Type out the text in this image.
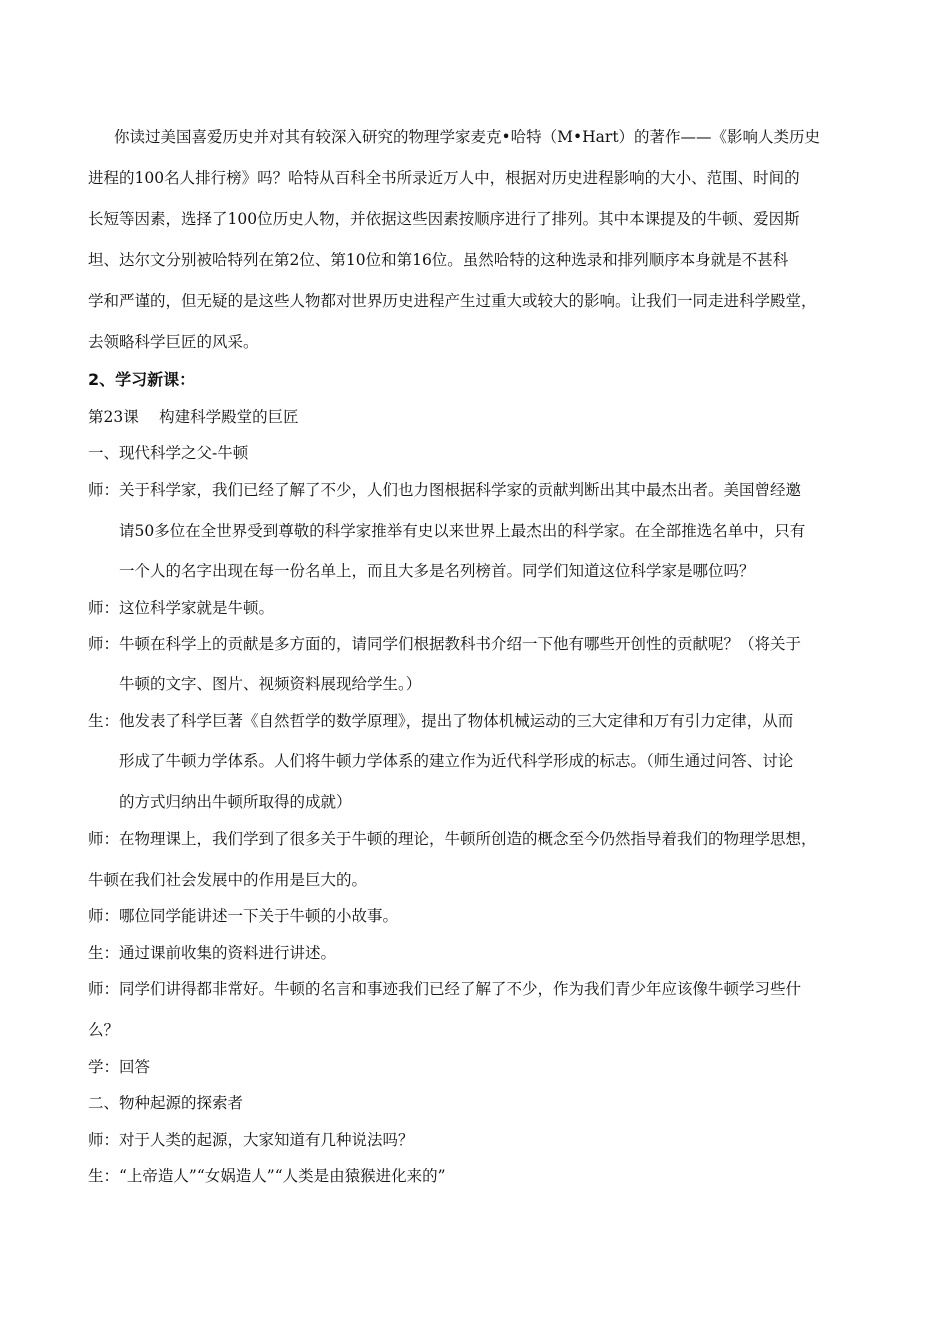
你读过美国喜爱历史并对其有较深入研究的物理学家麦克•哈特（M•Hart）的著作——《影响人类历史
进程的100名人排行榜》吗？哈特从百科全书所录近万人中，根据对历史进程影响的大小、范围、时间的
长短等因素，选择了100位历史人物，并依据这些因素按顺序进行了排列。其中本课提及的牛顿、爱因斯
坦、达尔文分别被哈特列在第2位、第10位和第16位。虽然哈特的这种选录和排列顺序本身就是不甚科
学和严谨的，但无疑的是这些人物都对世界历史进程产生过重大或较大的影响。让我们一同走进科学殿堂，
去领略科学巨匠的风采。
2、学习新课：
第23课　 构建科学殿堂的巨匠
一、现代科学之父-牛顿
师：关于科学家，我们已经了解了不少，人们也力图根据科学家的贡献判断出其中最杰出者。美国曾经邀
请50多位在全世界受到尊敬的科学家推举有史以来世界上最杰出的科学家。在全部推选名单中，只有
一个人的名字出现在每一份名单上，而且大多是名列榜首。同学们知道这位科学家是哪位吗？
师：这位科学家就是牛顿。
师：牛顿在科学上的贡献是多方面的，请同学们根据教科书介绍一下他有哪些开创性的贡献呢？（将关于
牛顿的文字、图片、视频资料展现给学生。）
生：他发表了科学巨著《自然哲学的数学原理》，提出了物体机械运动的三大定律和万有引力定律，从而
形成了牛顿力学体系。人们将牛顿力学体系的建立作为近代科学形成的标志。（师生通过问答、讨论
的方式归纳出牛顿所取得的成就）
师：在物理课上，我们学到了很多关于牛顿的理论，牛顿所创造的概念至今仍然指导着我们的物理学思想，
牛顿在我们社会发展中的作用是巨大的。
师：哪位同学能讲述一下关于牛顿的小故事。
生：通过课前收集的资料进行讲述。
师：同学们讲得都非常好。牛顿的名言和事迹我们已经了解了不少，作为我们青少年应该像牛顿学习些什
么？
学：回答
二、物种起源的探索者
师：对于人类的起源，大家知道有几种说法吗？
生：“上帝造人”“女娲造人”“人类是由猿猴进化来的”
